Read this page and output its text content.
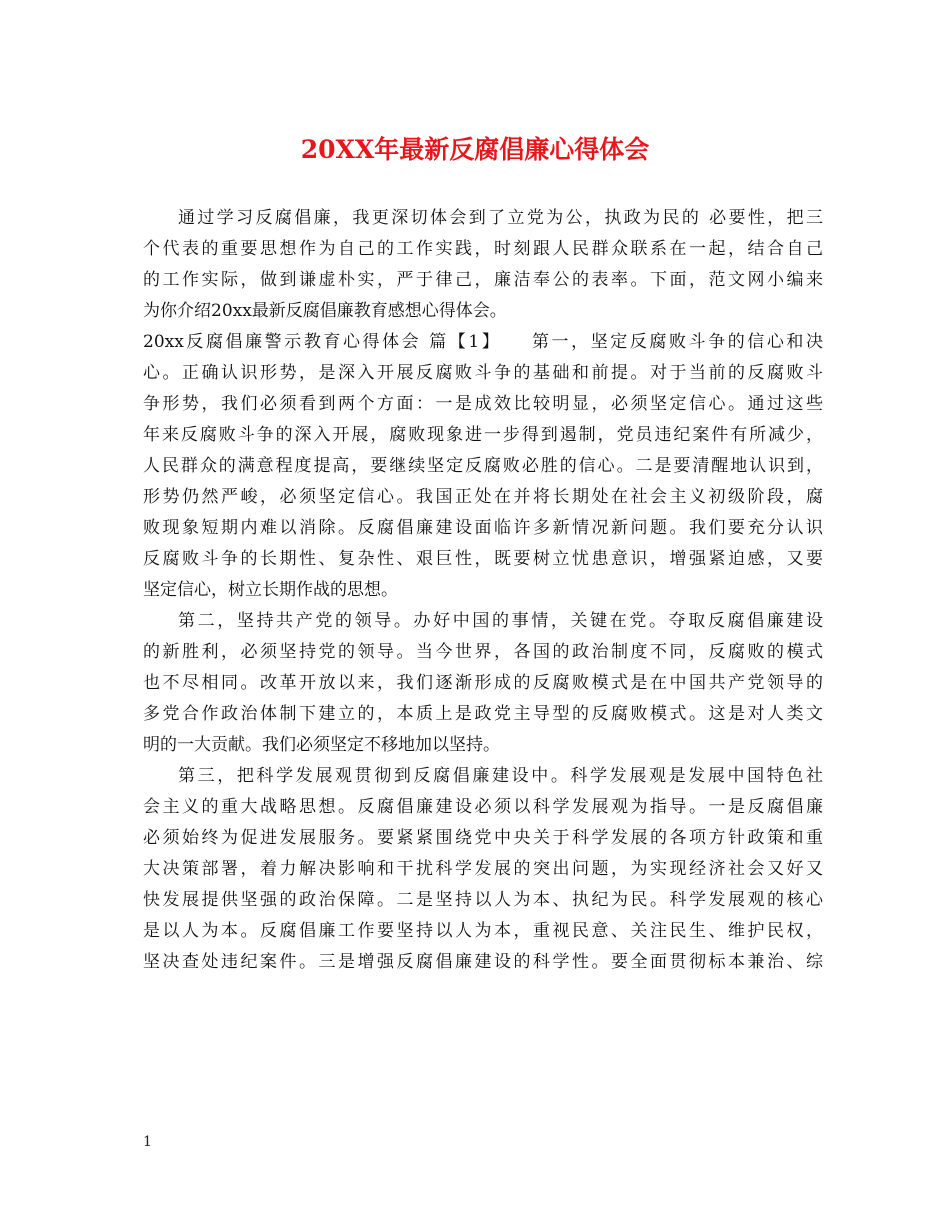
20XX年最新反腐倡廉心得体会
通过学习反腐倡廉，我更深切体会到了立党为公，执政为民的 必要性，把三
个代表的重要思想作为自己的工作实践，时刻跟人民群众联系在一起，结合自己
的工作实际，做到谦虚朴实，严于律己，廉洁奉公的表率。下面，范文网小编来
为你介绍20xx最新反腐倡廉教育感想心得体会。
20xx反腐倡廉警示教育心得体会 篇【1】　　第一，坚定反腐败斗争的信心和决
心。正确认识形势，是深入开展反腐败斗争的基础和前提。对于当前的反腐败斗
争形势，我们必须看到两个方面：一是成效比较明显，必须坚定信心。通过这些
年来反腐败斗争的深入开展，腐败现象进一步得到遏制，党员违纪案件有所减少，
人民群众的满意程度提高，要继续坚定反腐败必胜的信心。二是要清醒地认识到，
形势仍然严峻，必须坚定信心。我国正处在并将长期处在社会主义初级阶段，腐
败现象短期内难以消除。反腐倡廉建设面临许多新情况新问题。我们要充分认识
反腐败斗争的长期性、复杂性、艰巨性，既要树立忧患意识，增强紧迫感，又要
坚定信心，树立长期作战的思想。
第二，坚持共产党的领导。办好中国的事情，关键在党。夺取反腐倡廉建设
的新胜利，必须坚持党的领导。当今世界，各国的政治制度不同，反腐败的模式
也不尽相同。改革开放以来，我们逐渐形成的反腐败模式是在中国共产党领导的
多党合作政治体制下建立的，本质上是政党主导型的反腐败模式。这是对人类文
明的一大贡献。我们必须坚定不移地加以坚持。
第三，把科学发展观贯彻到反腐倡廉建设中。科学发展观是发展中国特色社
会主义的重大战略思想。反腐倡廉建设必须以科学发展观为指导。一是反腐倡廉
必须始终为促进发展服务。要紧紧围绕党中央关于科学发展的各项方针政策和重
大决策部署，着力解决影响和干扰科学发展的突出问题，为实现经济社会又好又
快发展提供坚强的政治保障。二是坚持以人为本、执纪为民。科学发展观的核心
是以人为本。反腐倡廉工作要坚持以人为本，重视民意、关注民生、维护民权，
坚决查处违纪案件。三是增强反腐倡廉建设的科学性。要全面贯彻标本兼治、综
1
